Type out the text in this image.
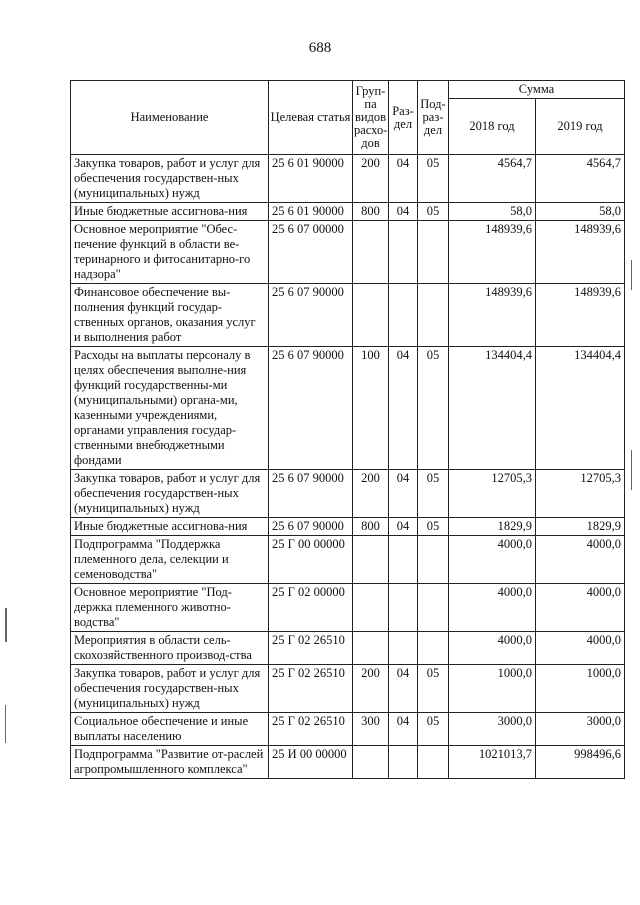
688
Наименование	Целевая статья	Груп-па видов расхо-дов	Раз-дел	Под-раз-дел	Сумма	
					2018 год	2019 год
Закупка товаров, работ и услуг для обеспечения государствен-ных (муниципальных) нужд	25 6 01 90000	200	04	05	4564,7	4564,7
Иные бюджетные ассигнова-ния	25 6 01 90000	800	04	05	58,0	58,0
Основное мероприятие "Обес-печение функций в области ве-теринарного и фитосанитарно-го надзора"	25 6 07 00000				148939,6	148939,6
Финансовое обеспечение вы-полнения функций государ-ственных органов, оказания услуг и выполнения работ	25 6 07 90000				148939,6	148939,6
Расходы на выплаты персоналу в целях обеспечения выполне-ния функций государственны-ми (муниципальными) органа-ми, казенными учреждениями, органами управления государ-ственными внебюджетными фондами	25 6 07 90000	100	04	05	134404,4	134404,4
Закупка товаров, работ и услуг для обеспечения государствен-ных (муниципальных) нужд	25 6 07 90000	200	04	05	12705,3	12705,3
Иные бюджетные ассигнова-ния	25 6 07 90000	800	04	05	1829,9	1829,9
Подпрограмма "Поддержка племенного дела, селекции и семеноводства"	25 Г 00 00000				4000,0	4000,0
Основное мероприятие "Под-держка племенного животно-водства"	25 Г 02 00000				4000,0	4000,0
Мероприятия в области сель-скохозяйственного производ-ства	25 Г 02 26510				4000,0	4000,0
Закупка товаров, работ и услуг для обеспечения государствен-ных (муниципальных) нужд	25 Г 02 26510	200	04	05	1000,0	1000,0
Социальное обеспечение и иные выплаты населению	25 Г 02 26510	300	04	05	3000,0	3000,0
Подпрограмма "Развитие от-раслей агропромышленного комплекса"	25 И 00 00000				1021013,7	998496,6
